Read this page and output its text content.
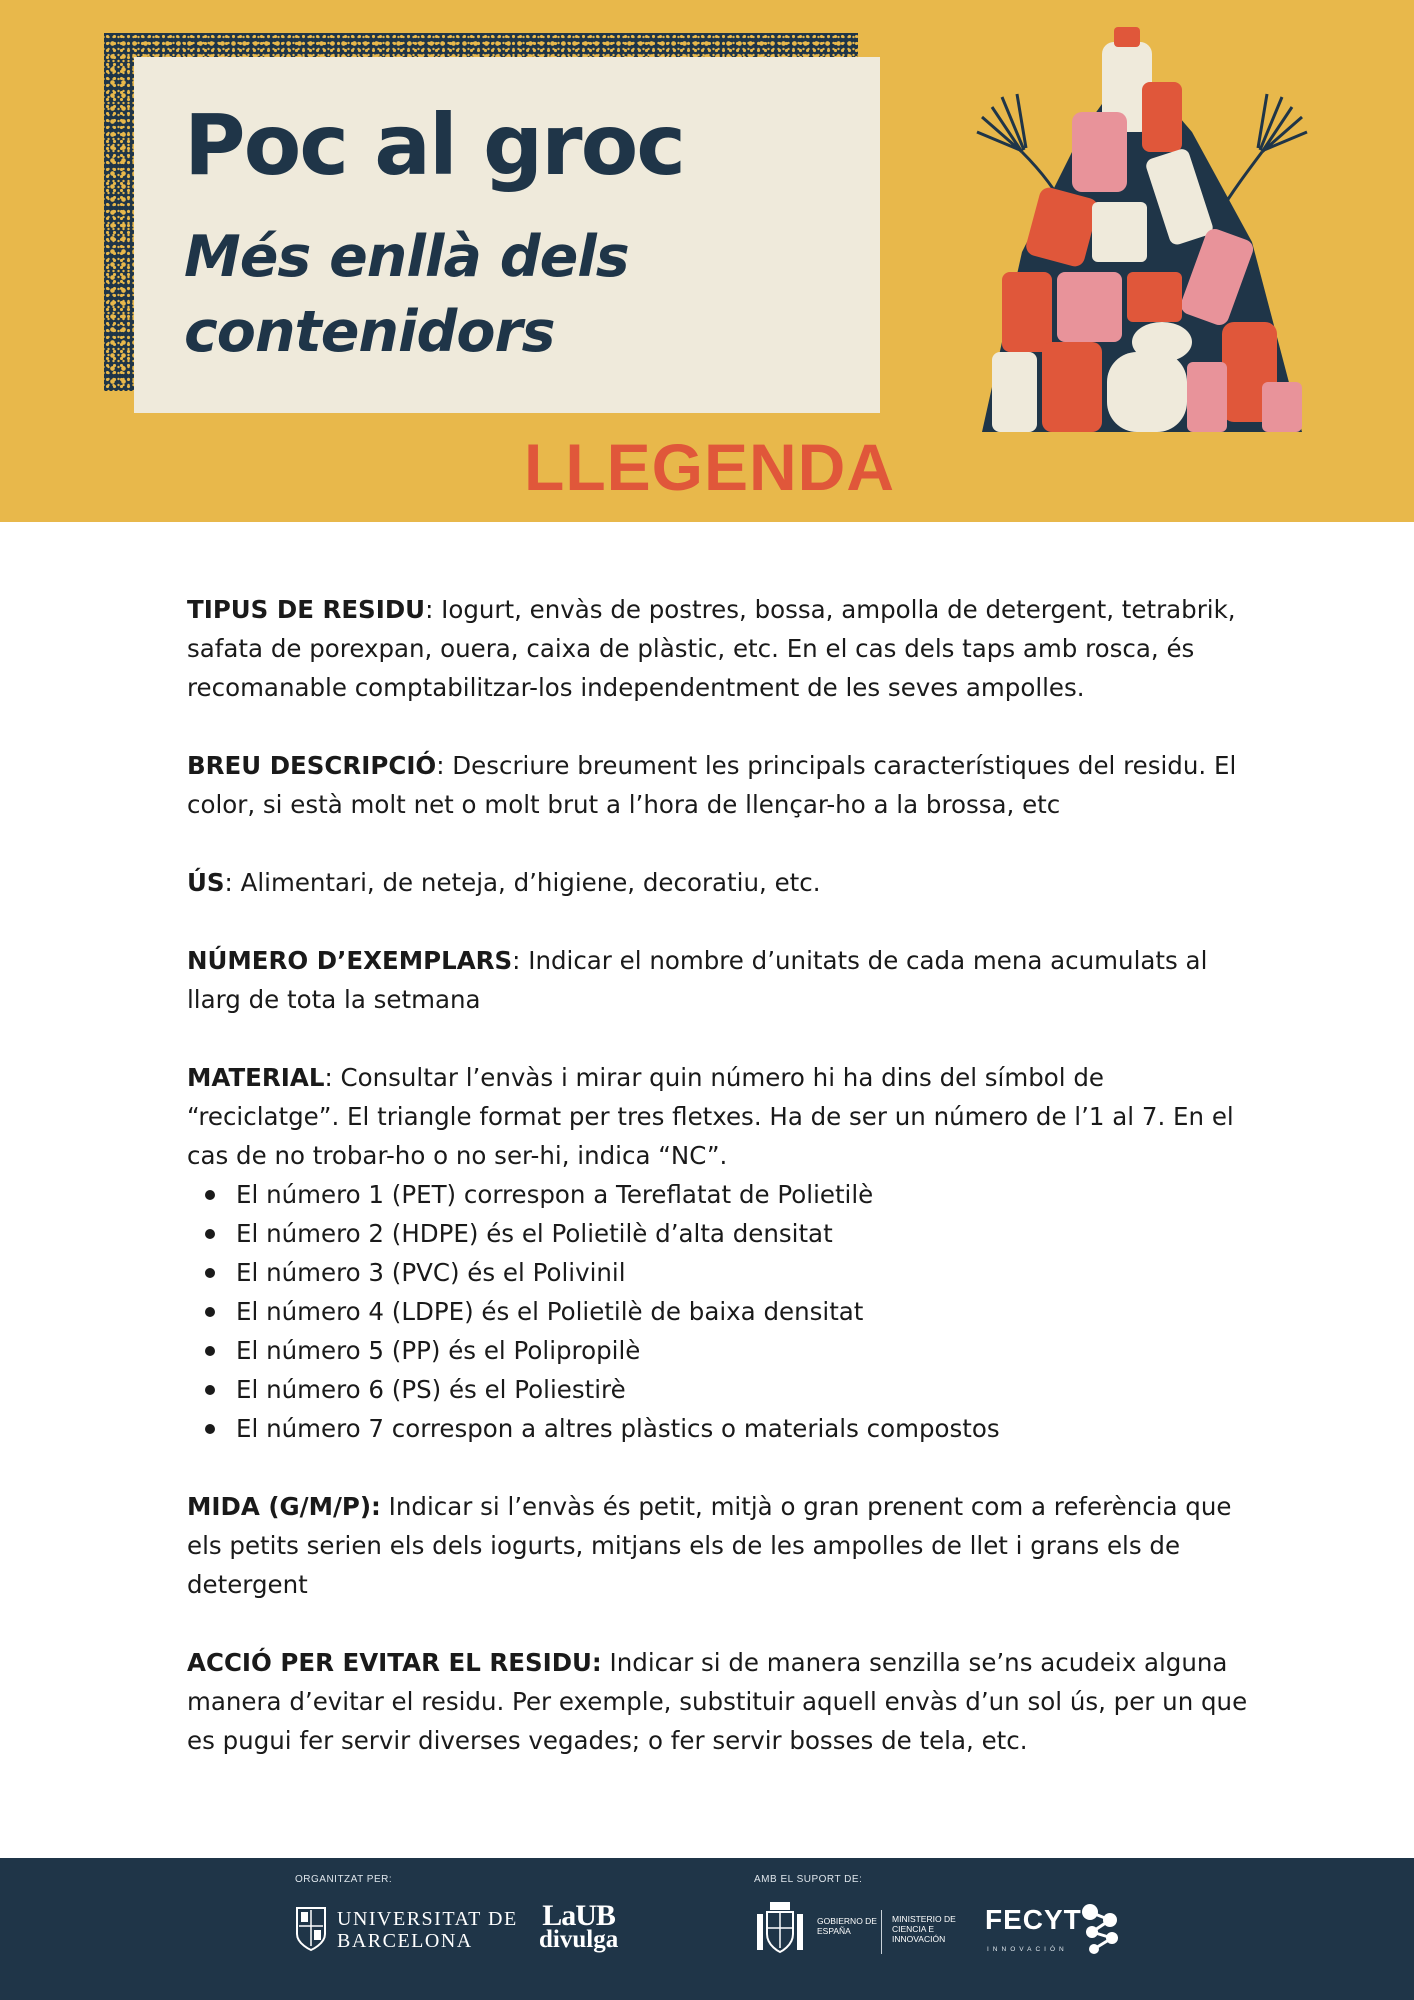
Poc al groc
Més enllà dels contenidors
LLEGENDA

TIPUS DE RESIDU: Iogurt, envàs de postres, bossa, ampolla de detergent, tetrabrik, safata de porexpan, ouera, caixa de plàstic, etc. En el cas dels taps amb rosca, és recomanable comptabilitzar-los independentment de les seves ampolles.

BREU DESCRIPCIÓ: Descriure breument les principals característiques del residu. El color, si està molt net o molt brut a l’hora de llençar-ho a la brossa, etc

ÚS: Alimentari, de neteja, d’higiene, decoratiu, etc.

NÚMERO D’EXEMPLARS: Indicar el nombre d’unitats de cada mena acumulats al llarg de tota la setmana

MATERIAL: Consultar l’envàs i mirar quin número hi ha dins del símbol de “reciclatge”. El triangle format per tres fletxes. Ha de ser un número de l’1 al 7. En el cas de no trobar-ho o no ser-hi, indica “NC”.

El número 1 (PET) correspon a Tereflatat de Polietilè
El número 2 (HDPE) és el Polietilè d’alta densitat
El número 3 (PVC) és el Polivinil
El número 4 (LDPE) és el Polietilè de baixa densitat
El número 5 (PP) és el Polipropilè
El número 6 (PS) és el Poliestirè
El número 7 correspon a altres plàstics o materials compostos

MIDA (G/M/P): Indicar si l’envàs és petit, mitjà o gran prenent com a referència que els petits serien els dels iogurts, mitjans els de les ampolles de llet i grans els de detergent

ACCIÓ PER EVITAR EL RESIDU: Indicar si de manera senzilla se’ns acudeix alguna manera d’evitar el residu. Per exemple, substituir aquell envàs d’un sol ús, per un que es pugui fer servir diverses vegades; o fer servir bosses de tela, etc.

ORGANITZAT PER:	AMB EL SUPORT DE:
UNIVERSITAT DE
BARCELONA
LaUB
divulga
GOBIERNO DE ESPAÑA
MINISTERIO DE CIENCIA E INNOVACIÓN
FECYT
INNOVACIÓN
